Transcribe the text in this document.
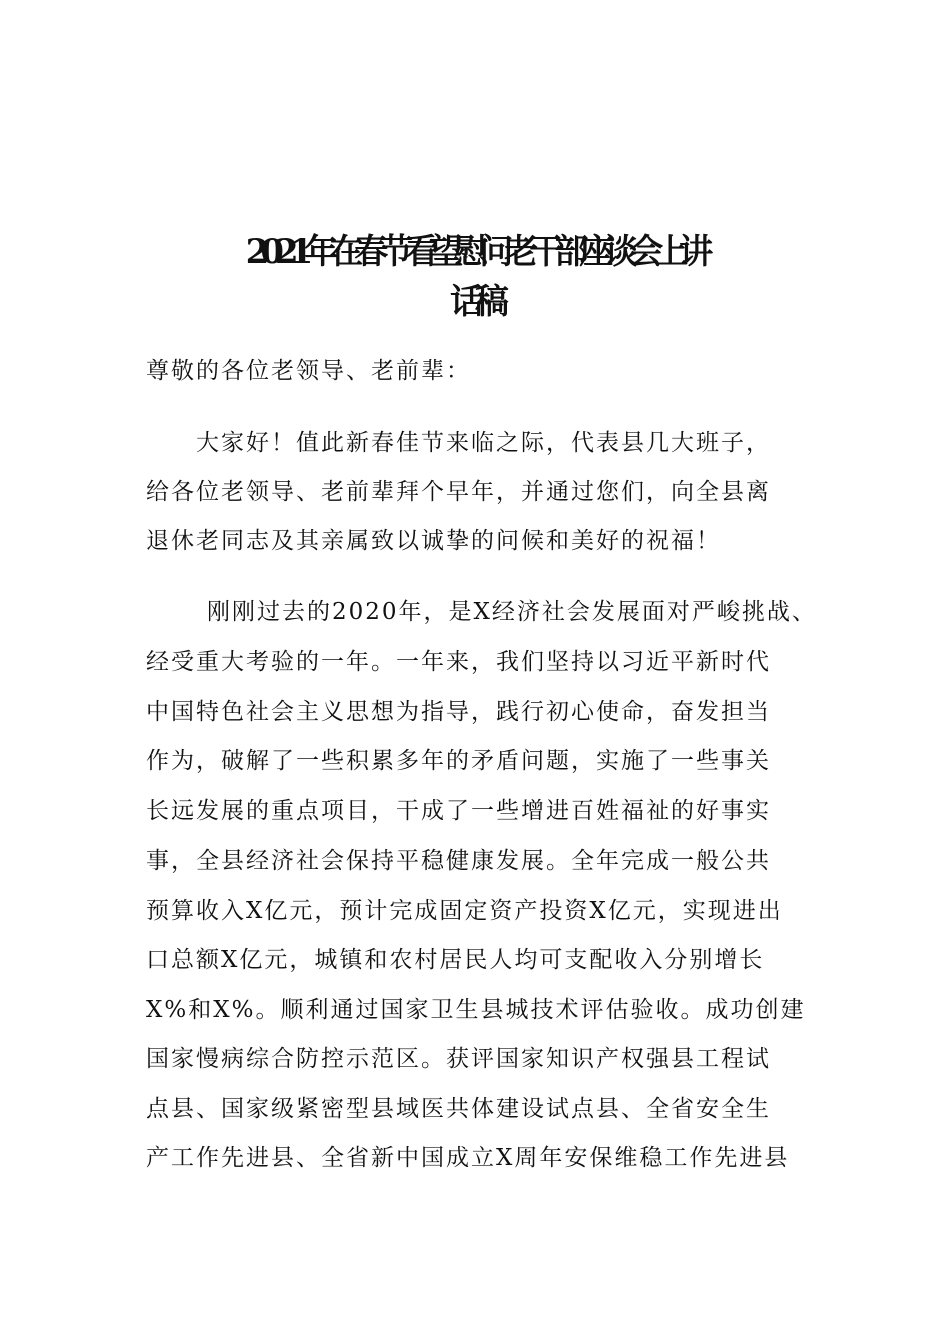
2021年在春节看望慰问老干部座谈会上讲
话稿
尊敬的各位老领导、老前辈：
大家好！值此新春佳节来临之际，代表县几大班子，
给各位老领导、老前辈拜个早年，并通过您们，向全县离
退休老同志及其亲属致以诚挚的问候和美好的祝福！
刚刚过去的2020年，是X经济社会发展面对严峻挑战、
经受重大考验的一年。一年来，我们坚持以习近平新时代
中国特色社会主义思想为指导，践行初心使命，奋发担当
作为，破解了一些积累多年的矛盾问题，实施了一些事关
长远发展的重点项目，干成了一些增进百姓福祉的好事实
事，全县经济社会保持平稳健康发展。全年完成一般公共
预算收入X亿元，预计完成固定资产投资X亿元，实现进出
口总额X亿元，城镇和农村居民人均可支配收入分别增长
X%和X%。顺利通过国家卫生县城技术评估验收。成功创建
国家慢病综合防控示范区。获评国家知识产权强县工程试
点县、国家级紧密型县域医共体建设试点县、全省安全生
产工作先进县、全省新中国成立X周年安保维稳工作先进县
